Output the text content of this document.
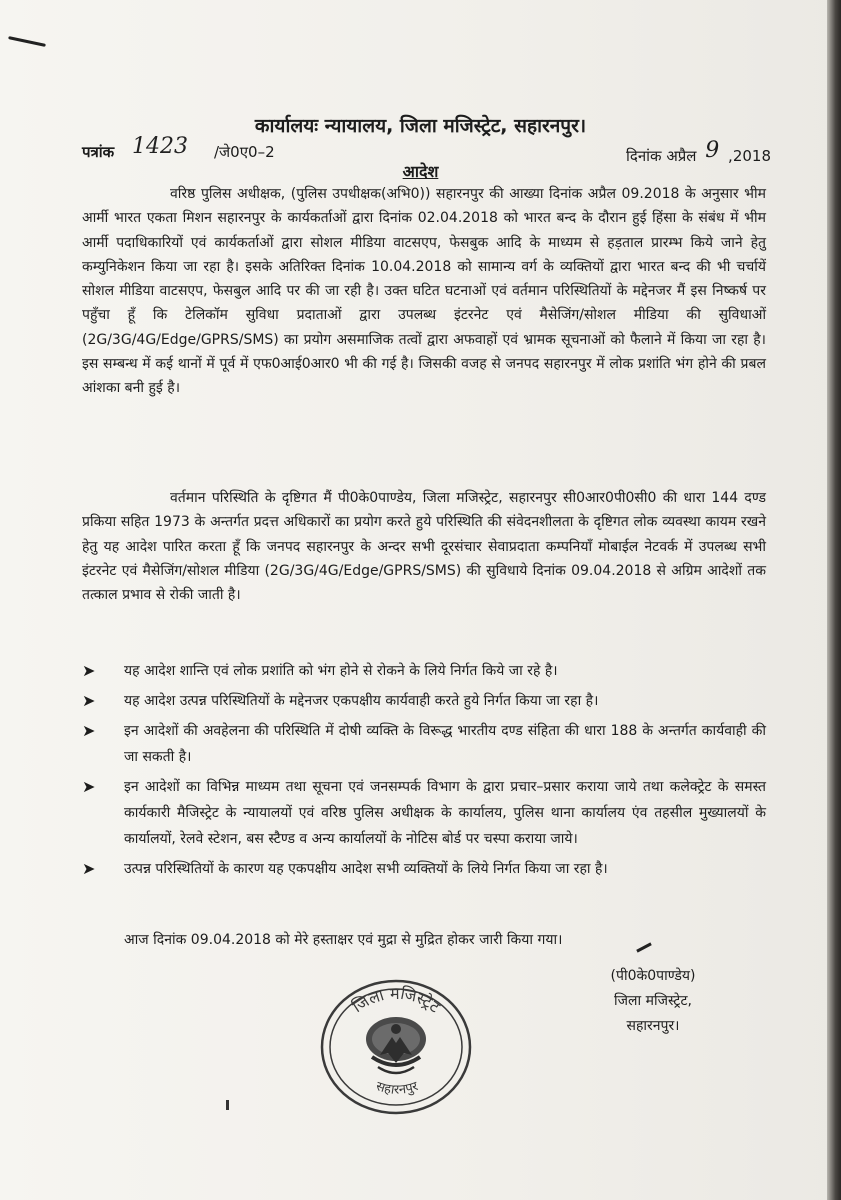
कार्यालयः न्यायालय, जिला मजिस्ट्रेट, सहारनपुर।
पत्रांक 1423 /जे0ए0–2	दिनांक अप्रैल 9 ,2018
आदेश

वरिष्ठ पुलिस अधीक्षक, (पुलिस उपधीक्षक(अभि0)) सहारनपुर की आख्या दिनांक अप्रैल 09.2018 के अनुसार भीम आर्मी भारत एकता मिशन सहारनपुर के कार्यकर्ताओं द्वारा दिनांक 02.04.2018 को भारत बन्द के दौरान हुई हिंसा के संबंध में भीम आर्मी पदाधिकारियों एवं कार्यकर्ताओं द्वारा सोशल मीडिया वाटसएप, फेसबुक आदि के माध्यम से हड़ताल प्रारम्भ किये जाने हेतु कम्युनिकेशन किया जा रहा है। इसके अतिरिक्त दिनांक 10.04.2018 को सामान्य वर्ग के व्यक्तियों द्वारा भारत बन्द की भी चर्चायें सोशल मीडिया वाटसएप, फेसबुल आदि पर की जा रही है। उक्त घटित घटनाओं एवं वर्तमान परिस्थितियों के मद्देनजर मैं इस निष्कर्ष पर पहुँचा हूँ कि टेलिकॉम सुविधा प्रदाताओं द्वारा उपलब्ध इंटरनेट एवं मैसेजिंग/सोशल मीडिया की सुविधाओं (2G/3G/4G/Edge/GPRS/SMS) का प्रयोग असमाजिक तत्वों द्वारा अफवाहों एवं भ्रामक सूचनाओं को फैलाने में किया जा रहा है। इस सम्बन्ध में कई थानों में पूर्व में एफ0आई0आर0 भी की गई है। जिसकी वजह से जनपद सहारनपुर में लोक प्रशांति भंग होने की प्रबल आंशका बनी हुई है।

वर्तमान परिस्थिति के दृष्टिगत मैं पी0के0पाण्डेय, जिला मजिस्ट्रेट, सहारनपुर सी0आर0पी0सी0 की धारा 144 दण्ड प्रकिया सहित 1973 के अन्तर्गत प्रदत्त अधिकारों का प्रयोग करते हुये परिस्थिति की संवेदनशीलता के दृष्टिगत लोक व्यवस्था कायम रखने हेतु यह आदेश पारित करता हूँ कि जनपद सहारनपुर के अन्दर सभी दूरसंचार सेवाप्रदाता कम्पनियाँ मोबाईल नेटवर्क में उपलब्ध सभी इंटरनेट एवं मैसेजिंग/सोशल मीडिया (2G/3G/4G/Edge/GPRS/SMS) की सुविधाये दिनांक 09.04.2018 से अग्रिम आदेशों तक तत्काल प्रभाव से रोकी जाती है।

➤ यह आदेश शान्ति एवं लोक प्रशांति को भंग होने से रोकने के लिये निर्गत किये जा रहे है।
➤ यह आदेश उत्पन्न परिस्थितियों के मद्देनजर एकपक्षीय कार्यवाही करते हुये निर्गत किया जा रहा है।
➤ इन आदेशों की अवहेलना की परिस्थिति में दोषी व्यक्ति के विरूद्ध भारतीय दण्ड संहिता की धारा 188 के अन्तर्गत कार्यवाही की जा सकती है।
➤ इन आदेशों का विभिन्न माध्यम तथा सूचना एवं जनसम्पर्क विभाग के द्वारा प्रचार–प्रसार कराया जाये तथा कलेक्ट्रेट के समस्त कार्यकारी मैजिस्ट्रेट के न्यायालयों एवं वरिष्ठ पुलिस अधीक्षक के कार्यालय, पुलिस थाना कार्यालय एंव तहसील मुख्यालयों के कार्यालयों, रेलवे स्टेशन, बस स्टैण्ड व अन्य कार्यालयों के नोटिस बोर्ड पर चस्पा कराया जाये।
➤ उत्पन्न परिस्थितियों के कारण यह एकपक्षीय आदेश सभी व्यक्तियों के लिये निर्गत किया जा रहा है।
आज दिनांक 09.04.2018 को मेरे हस्ताक्षर एवं मुद्रा से मुद्रित होकर जारी किया गया।
(पी0के0पाण्डेय)
जिला मजिस्ट्रेट,
सहारनपुर।
जिला मजिस्ट्रेट
सहारनपुर
